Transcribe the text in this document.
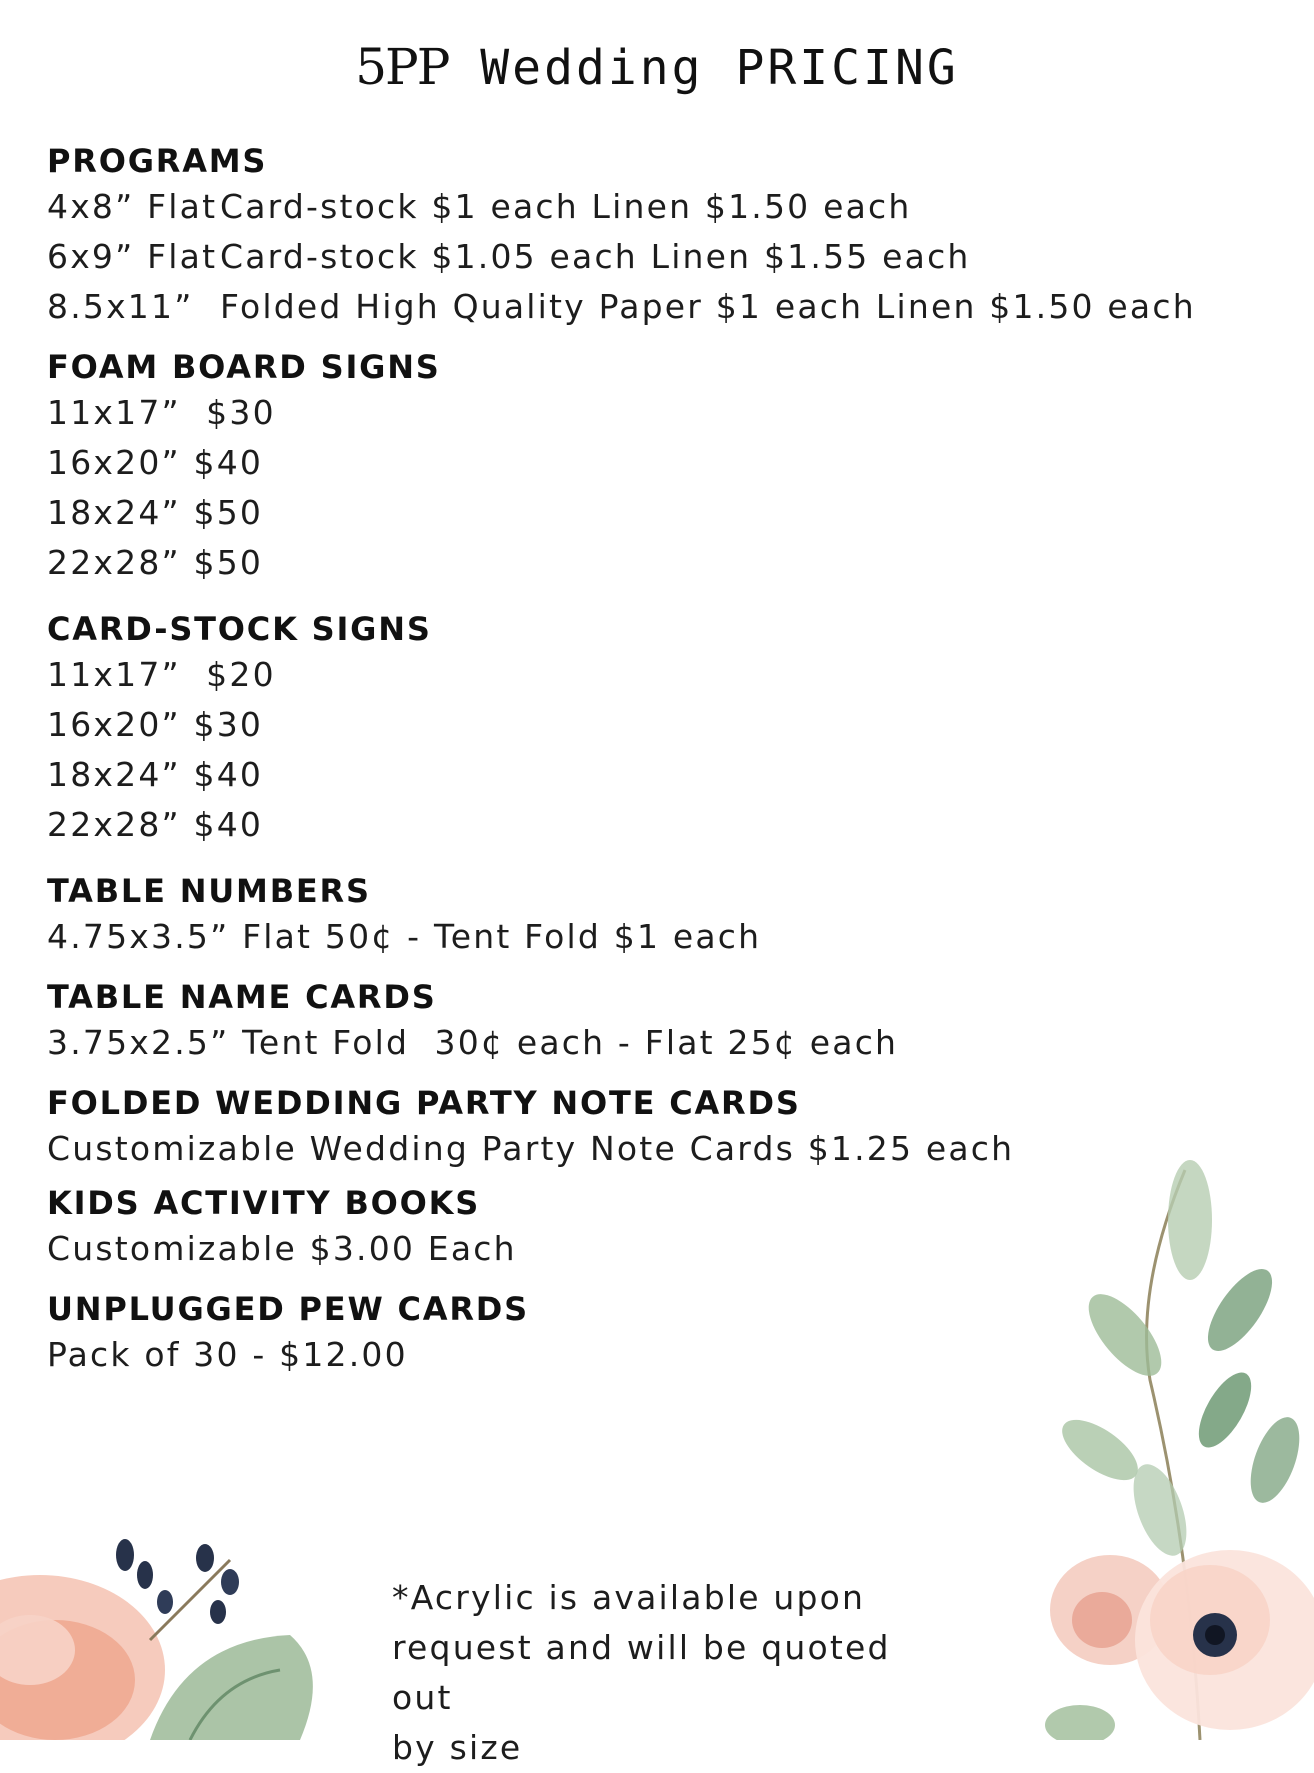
5PP Wedding PRICING

PROGRAMS

4x8” FlatCard-stock $1 each Linen $1.50 each

6x9” FlatCard-stock $1.05 each Linen $1.55 each

8.5x11” Folded High Quality Paper $1 each Linen $1.50 each

FOAM BOARD SIGNS

11x17”  $30

16x20” $40

18x24” $50

22x28” $50

CARD-STOCK SIGNS

11x17”  $20

16x20” $30

18x24” $40

22x28” $40

TABLE NUMBERS

4.75x3.5” Flat 50¢ - Tent Fold $1 each

TABLE NAME CARDS

3.75x2.5” Tent Fold  30¢ each - Flat 25¢ each

FOLDED WEDDING PARTY NOTE CARDS

Customizable Wedding Party Note Cards $1.25 each

KIDS ACTIVITY BOOKS

Customizable $3.00 Each

UNPLUGGED PEW CARDS

Pack of 30 - $12.00

*Acrylic is available upon
request and will be quoted out
by size
